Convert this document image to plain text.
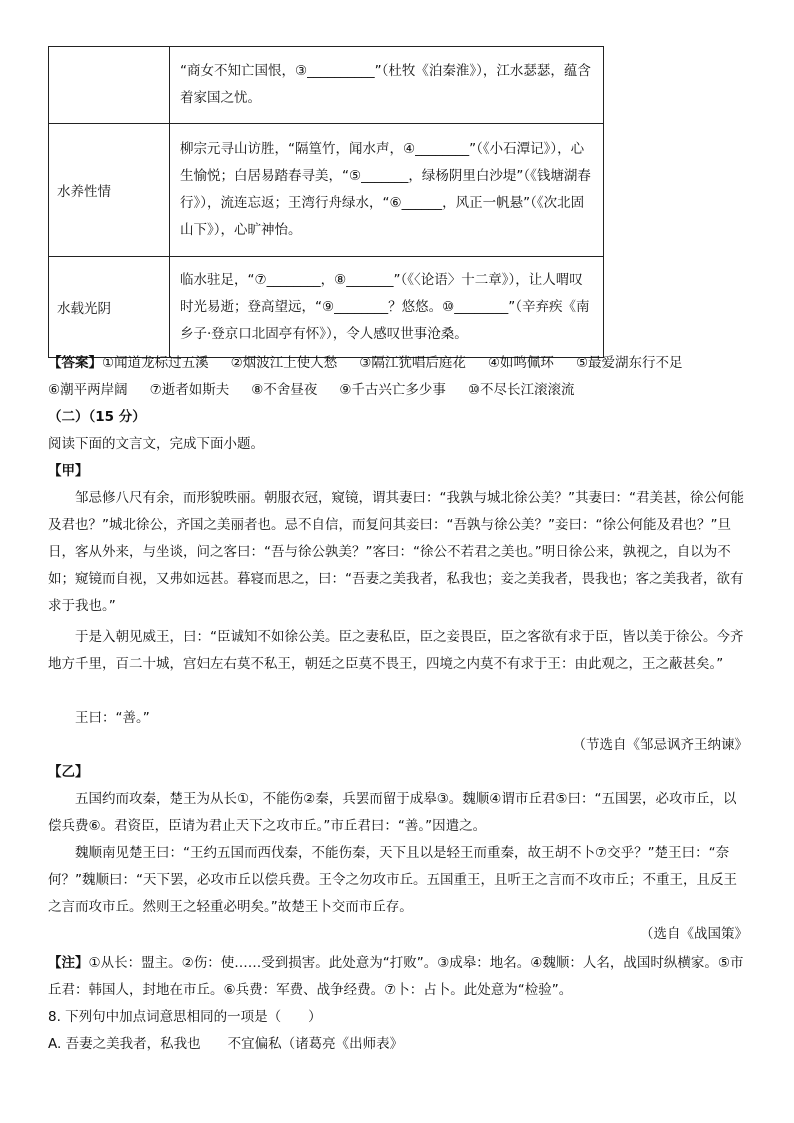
	“商女不知亡国恨，③__________”（杜牧《泊秦淮》），江水瑟瑟，蕴含着家国之忧。
水养性情	柳宗元寻山访胜，“隔篁竹，闻水声，④________”（《小石潭记》），心生愉悦；白居易踏春寻美，“⑤_______，绿杨阴里白沙堤”（《钱塘湖春行》），流连忘返；王湾行舟绿水，“⑥______，风正一帆悬”（《次北固山下》），心旷神怡。
水载光阴	临水驻足，“⑦________，⑧_______”（《〈论语〉十二章》），让人喟叹时光易逝；登高望远，“⑨________？悠悠。⑩________”（辛弃疾《南乡子·登京口北固亭有怀》），令人感叹世事沧桑。
【答案】①闻道龙标过五溪 ②烟波江上使人愁 ③隔江犹唱后庭花 ④如鸣佩环 ⑤最爱湖东行不足
⑥潮平两岸阔 ⑦逝者如斯夫 ⑧不舍昼夜 ⑨千古兴亡多少事 ⑩不尽长江滚滚流

（二）（15 分）

阅读下面的文言文，完成下面小题。

【甲】

邹忌修八尺有余，而形貌昳丽。朝服衣冠，窥镜，谓其妻曰：“我孰与城北徐公美？”其妻曰：“君美甚，徐公何能及君也？”城北徐公，齐国之美丽者也。忌不自信，而复问其妾曰：“吾孰与徐公美？”妾曰：“徐公何能及君也？”旦日，客从外来，与坐谈，问之客曰：“吾与徐公孰美？”客曰：“徐公不若君之美也。”明日徐公来，孰视之，自以为不如；窥镜而自视，又弗如远甚。暮寝而思之，曰：“吾妻之美我者，私我也；妾之美我者，畏我也；客之美我者，欲有求于我也。”

于是入朝见威王，曰：“臣诚知不如徐公美。臣之妻私臣，臣之妾畏臣，臣之客欲有求于臣，皆以美于徐公。今齐地方千里，百二十城，宫妇左右莫不私王，朝廷之臣莫不畏王，四境之内莫不有求于王：由此观之，王之蔽甚矣。”

王曰：“善。”

（节选自《邹忌讽齐王纳谏》

【乙】

五国约而攻秦，楚王为从长①，不能伤②秦，兵罢而留于成皋③。魏顺④谓市丘君⑤曰：“五国罢，必攻市丘，以偿兵费⑥。君资臣，臣请为君止天下之攻市丘。”市丘君曰：“善。”因遣之。

魏顺南见楚王曰：“王约五国而西伐秦，不能伤秦，天下且以是轻王而重秦，故王胡不卜⑦交乎？”楚王曰：“奈何？”魏顺曰：“天下罢，必攻市丘以偿兵费。王令之勿攻市丘。五国重王，且听王之言而不攻市丘；不重王，且反王之言而攻市丘。然则王之轻重必明矣。”故楚王卜交而市丘存。

（选自《战国策》

【注】①从长：盟主。②伤：使……受到损害。此处意为“打败”。③成皋：地名。④魏顺：人名，战国时纵横家。⑤市丘君：韩国人，封地在市丘。⑥兵费：军费、战争经费。⑦卜：占卜。此处意为“检验”。

8. 下列句中加点词意思相同的一项是（　　）

A. 吾妻之美我者，私我也　　不宜偏私（诸葛亮《出师表》
